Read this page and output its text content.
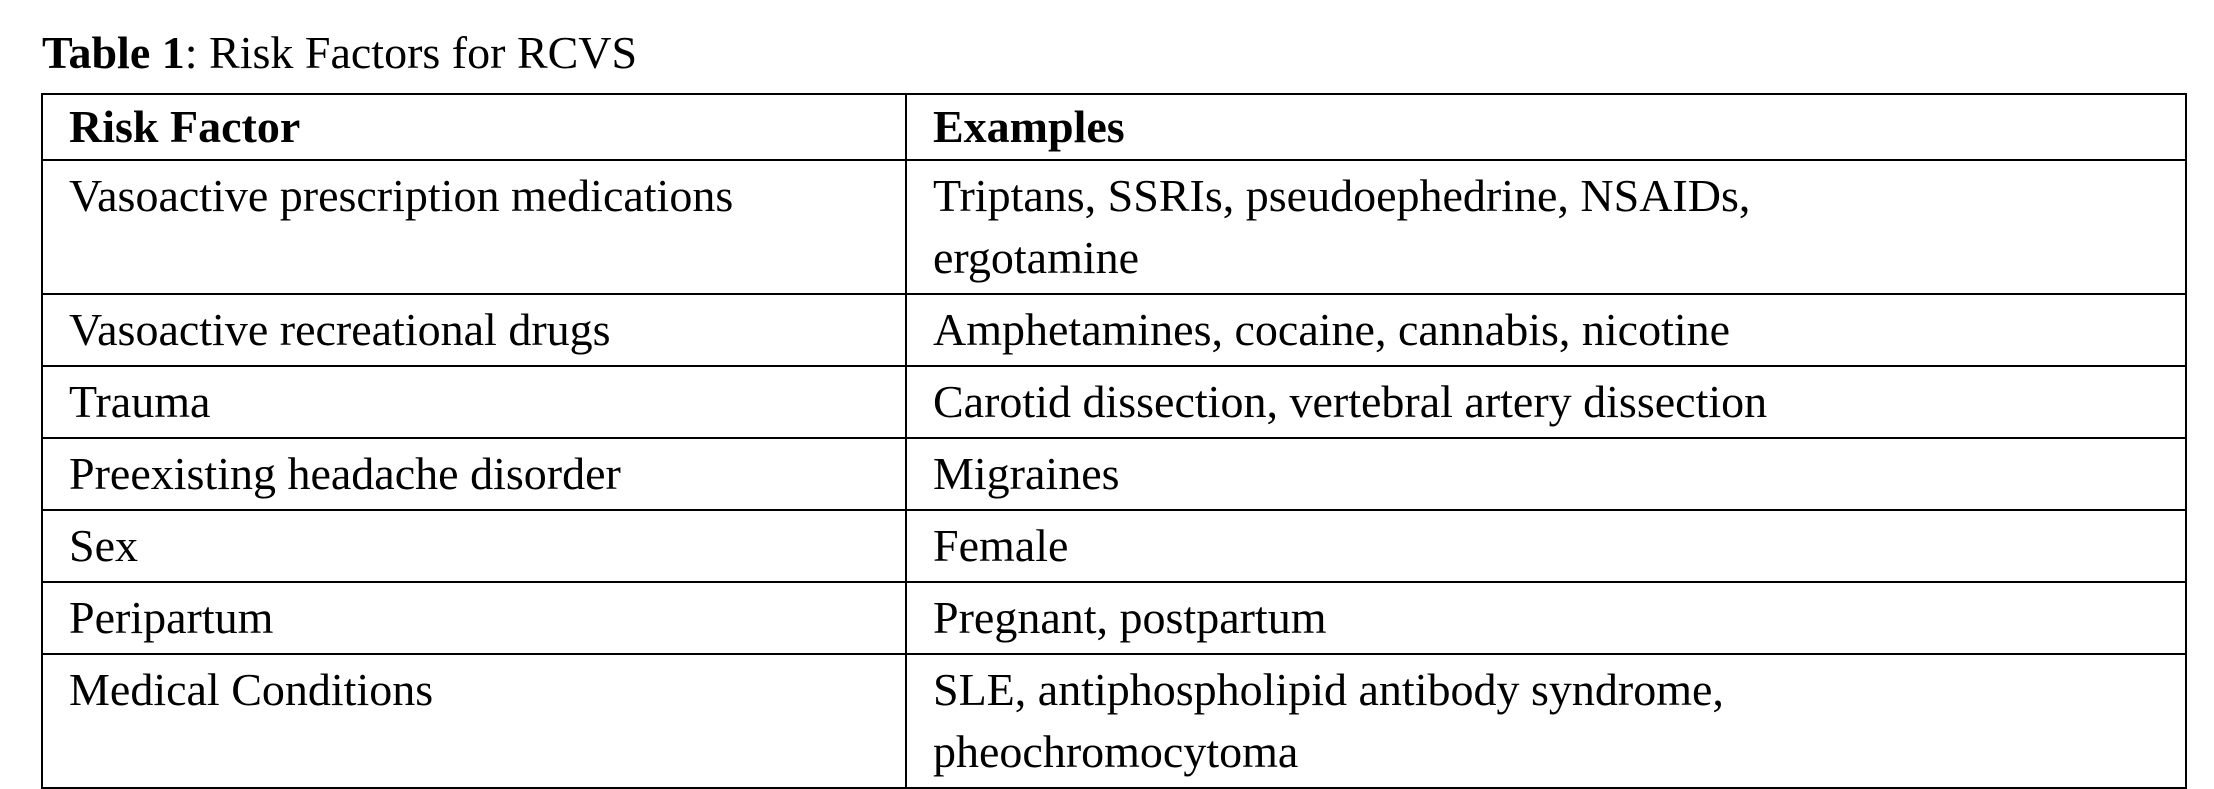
Table 1: Risk Factors for RCVS
Risk Factor	Examples
Vasoactive prescription medications	Triptans, SSRIs, pseudoephedrine, NSAIDs, ergotamine
Vasoactive recreational drugs	Amphetamines, cocaine, cannabis, nicotine
Trauma	Carotid dissection, vertebral artery dissection
Preexisting headache disorder	Migraines
Sex	Female
Peripartum	Pregnant, postpartum
Medical Conditions	SLE, antiphospholipid antibody syndrome, pheochromocytoma
